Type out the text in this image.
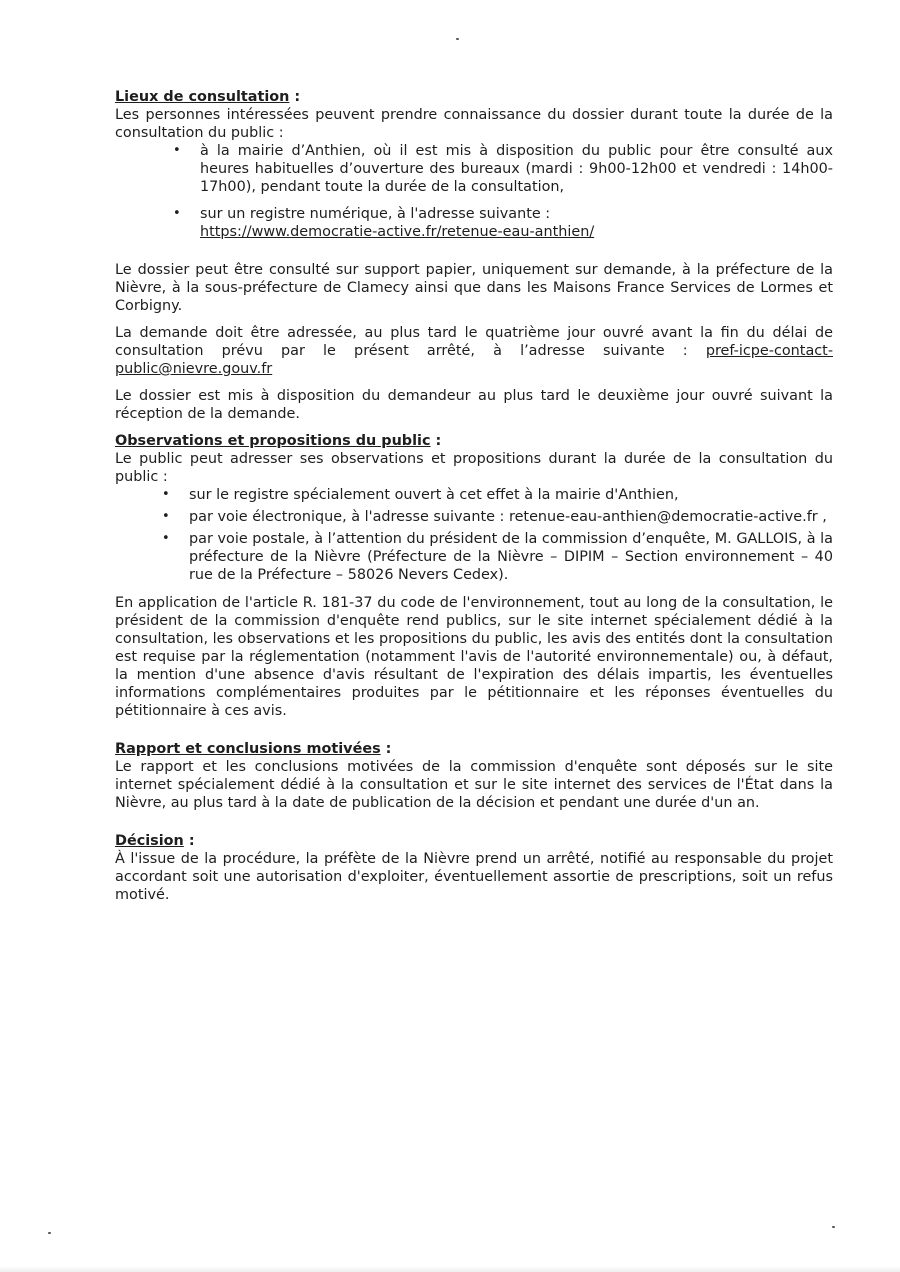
Lieux de consultation :

Les personnes intéressées peuvent prendre connaissance du dossier durant toute la durée de la consultation du public :

• à la mairie d’Anthien, où il est mis à disposition du public pour être consulté aux heures habituelles d’ouverture des bureaux (mardi : 9h00-12h00 et vendredi : 14h00-17h00), pendant toute la durée de la consultation,
• sur un registre numérique, à l'adresse suivante :
https://www.democratie-active.fr/retenue-eau-anthien/

Le dossier peut être consulté sur support papier, uniquement sur demande, à la préfecture de la Nièvre, à la sous-préfecture de Clamecy ainsi que dans les Maisons France Services de Lormes et Corbigny.

La demande doit être adressée, au plus tard le quatrième jour ouvré avant la fin du délai de consultation prévu par le présent arrêté, à l’adresse suivante : pref-icpe-contact-public@nievre.gouv.fr

Le dossier est mis à disposition du demandeur au plus tard le deuxième jour ouvré suivant la réception de la demande.

Observations et propositions du public :

Le public peut adresser ses observations et propositions durant la durée de la consultation du public :

• sur le registre spécialement ouvert à cet effet à la mairie d'Anthien,
• par voie électronique, à l'adresse suivante : retenue-eau-anthien@democratie-active.fr ,
• par voie postale, à l’attention du président de la commission d’enquête, M. GALLOIS, à la préfecture de la Nièvre (Préfecture de la Nièvre – DIPIM – Section environnement – 40 rue de la Préfecture – 58026 Nevers Cedex).

En application de l'article R. 181-37 du code de l'environnement, tout au long de la consultation, le président de la commission d'enquête rend publics, sur le site internet spécialement dédié à la consultation, les observations et les propositions du public, les avis des entités dont la consultation est requise par la réglementation (notamment l'avis de l'autorité environnementale) ou, à défaut, la mention d'une absence d'avis résultant de l'expiration des délais impartis, les éventuelles informations complémentaires produites par le pétitionnaire et les réponses éventuelles du pétitionnaire à ces avis.

Rapport et conclusions motivées :

Le rapport et les conclusions motivées de la commission d'enquête sont déposés sur le site internet spécialement dédié à la consultation et sur le site internet des services de l'État dans la Nièvre, au plus tard à la date de publication de la décision et pendant une durée d'un an.

Décision :

À l'issue de la procédure, la préfète de la Nièvre prend un arrêté, notifié au responsable du projet accordant soit une autorisation d'exploiter, éventuellement assortie de prescriptions, soit un refus motivé.
